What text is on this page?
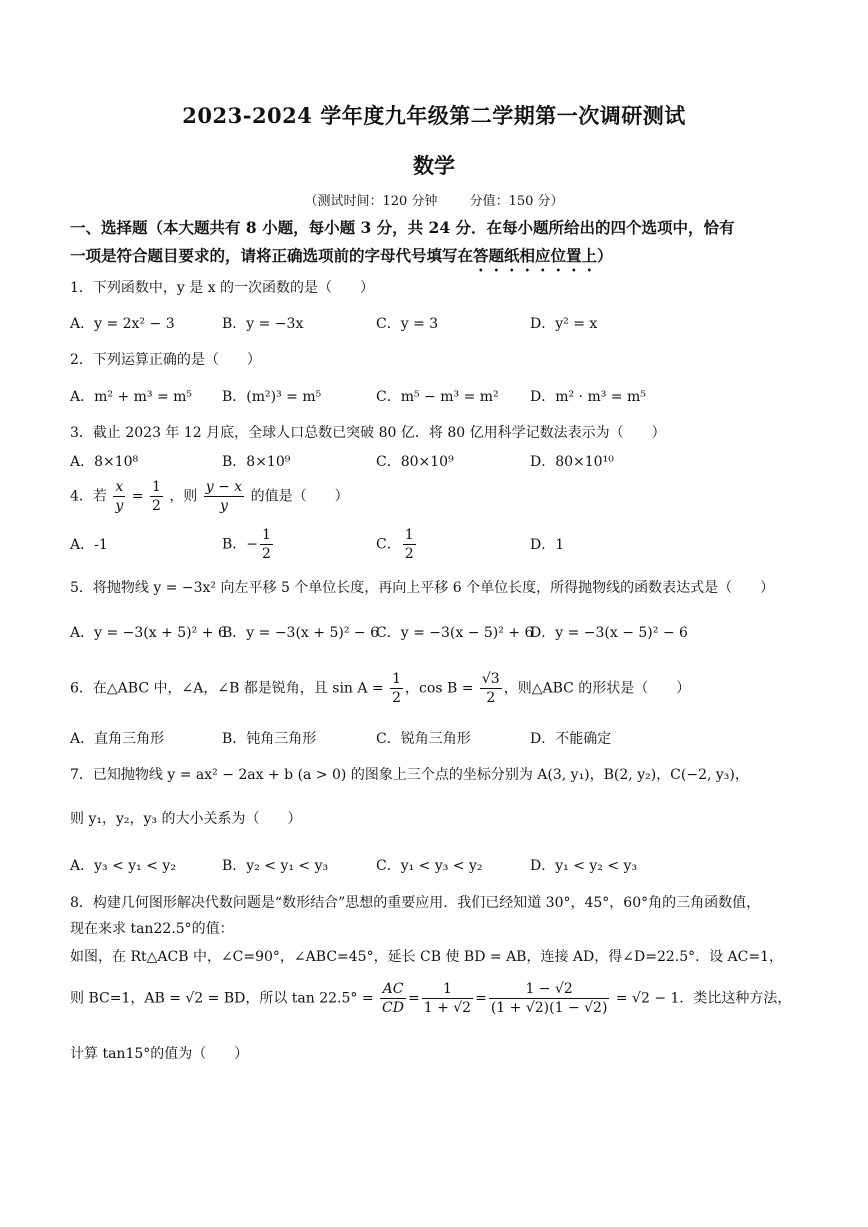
2023-2024 学年度九年级第二学期第一次调研测试
数学
（测试时间：120 分钟 分值：150 分）
一、选择题（本大题共有 8 小题，每小题 3 分，共 24 分．在每小题所给出的四个选项中，恰有
一项是符合题目要求的，请将正确选项前的字母代号填写在答题纸相应位置上）
1．下列函数中，y 是 x 的一次函数的是（　　）
A．y = 2x² − 3	B．y = −3x	C．y = 3	D．y² = x
2．下列运算正确的是（　　）
A．m² + m³ = m⁵ B．(m²)³ = m⁵	C．m⁵ − m³ = m² D．m² · m³ = m⁵
3．截止 2023 年 12 月底，全球人口总数已突破 80 亿．将 80 亿用科学记数法表示为（　　）
A．8×10⁸	B．8×10⁹	C．80×10⁹	D．80×10¹⁰
4．若 $\frac{x}{y} = \frac{1}{2}$ ，则 $\frac{y - x}{y}$ 的值是（　　）
A．-1	B．− $\frac{1}{2}$	C． $\frac{1}{2}$	D．1
5．将抛物线 y = −3x² 向左平移 5 个单位长度，再向上平移 6 个单位长度，所得抛物线的函数表达式是（　　）
A．y = −3(x + 5)² + 6
B．y = −3(x + 5)² − 6
C．y = −3(x − 5)² + 6
D．y = −3(x − 5)² − 6
6．在△ABC 中，∠A，∠B 都是锐角，且 $\sin A = \frac{1}{2}$ ，$\cos B = \frac{√3}{2}$ ，则△ABC 的形状是（　　）
A．直角三角形	B．钝角三角形	C．锐角三角形	D．不能确定
7．已知抛物线 y = ax² − 2ax + b (a > 0) 的图象上三个点的坐标分别为 A(3, y₁)，B(2, y₂)，C(−2, y₃)，
则 y₁，y₂，y₃ 的大小关系为（　　）
A．y₃ < y₁ < y₂	B．y₂ < y₁ < y₃	C．y₁ < y₃ < y₂	D．y₁ < y₂ < y₃
8．构建几何图形解决代数问题是“数形结合”思想的重要应用．我们已经知道 30°，45°，60°角的三角函数值，
现在来求 tan22.5°的值：
如图，在 Rt△ACB 中，∠C=90°，∠ABC=45°，延长 CB 使 BD = AB，连接 AD，得∠D=22.5°．设 AC=1，
则 BC=1，AB = √2 = BD，所以 $\tan 22.5^\circ = \frac{AC}{CD} = \frac{1}{1 + √2} = \frac{1 - √2}{(1 + √2)(1 - √2)} = √2 - 1$．类比这种方法，
计算 tan15°的值为（　　）
